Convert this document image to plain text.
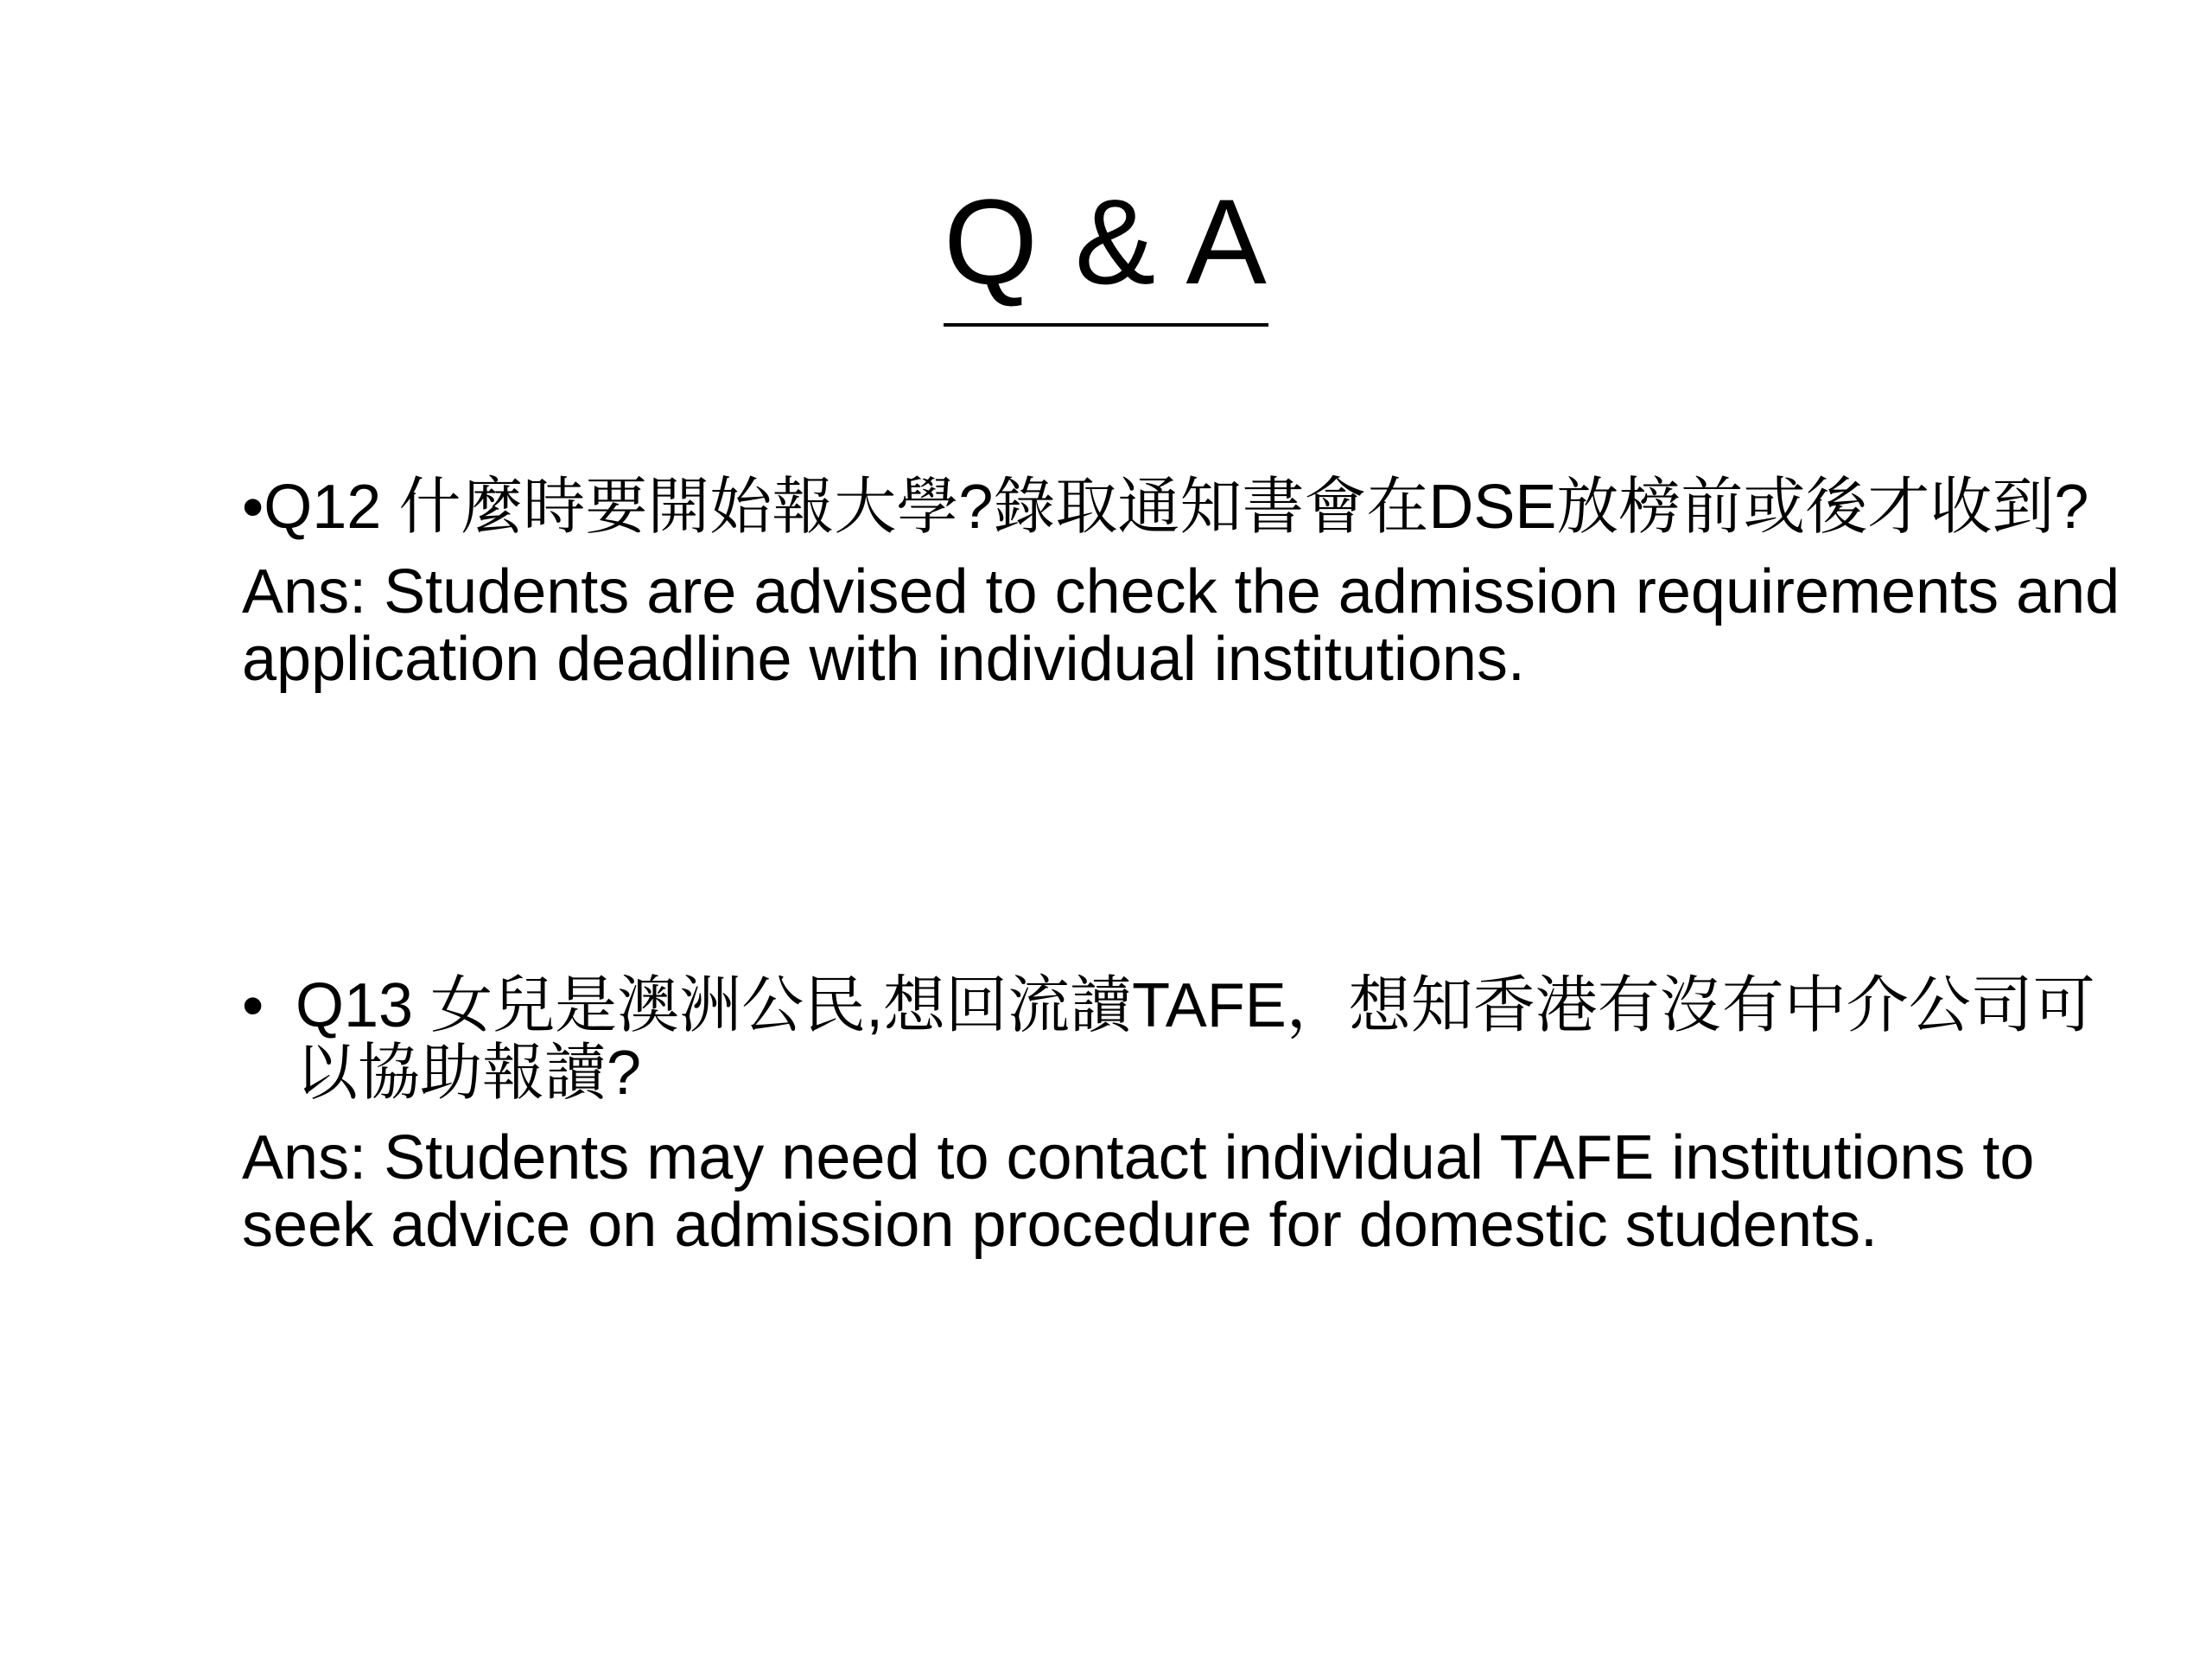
Q & A
•Q12 什麼時要開始報大學?錄取通知書會在DSE放榜前或後才收到?
Ans: Students are advised to check the admission requirements and application deadline with individual institutions.
• Q13 女兒是澳洲公民,想回流讀TAFE，想知香港有沒有中介公司可以協助報讀?
Ans: Students may need to contact individual TAFE institutions to seek advice on admission procedure for domestic students.
